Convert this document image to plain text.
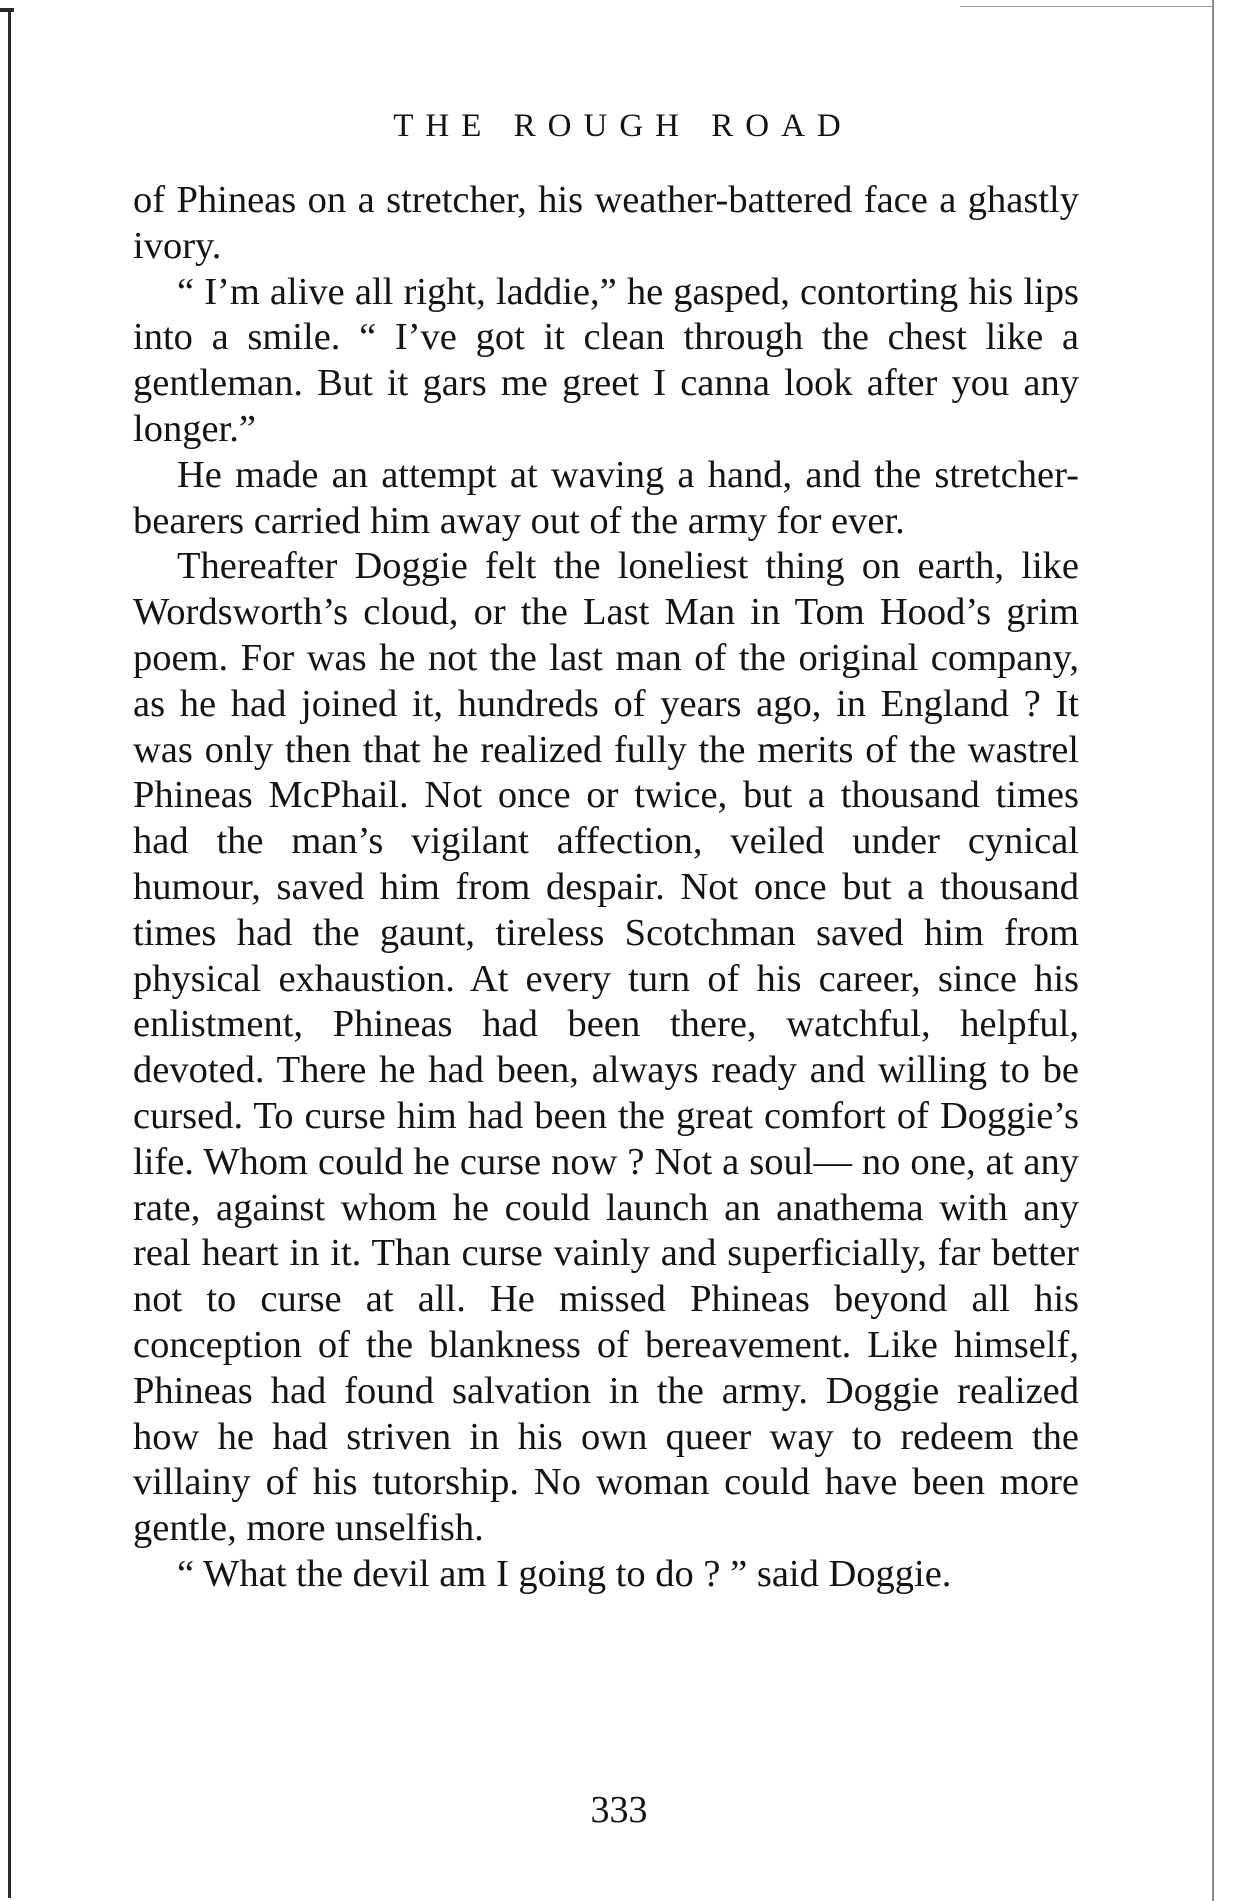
THE ROUGH ROAD

of Phineas on a stretcher, his weather-battered face a ghastly ivory.

“ I’m alive all right, laddie,” he gasped, contorting his lips into a smile. “ I’ve got it clean through the chest like a gentleman. But it gars me greet I canna look after you any longer.”

He made an attempt at waving a hand, and the stretcher-bearers carried him away out of the army for ever.

Thereafter Doggie felt the loneliest thing on earth, like Wordsworth’s cloud, or the Last Man in Tom Hood’s grim poem. For was he not the last man of the original company, as he had joined it, hundreds of years ago, in England ? It was only then that he realized fully the merits of the wastrel Phineas McPhail. Not once or twice, but a thousand times had the man’s vigilant affection, veiled under cynical humour, saved him from despair. Not once but a thousand times had the gaunt, tireless Scotchman saved him from physical exhaustion. At every turn of his career, since his enlistment, Phineas had been there, watchful, helpful, devoted. There he had been, always ready and willing to be cursed. To curse him had been the great comfort of Doggie’s life. Whom could he curse now ? Not a soul— no one, at any rate, against whom he could launch an anathema with any real heart in it. Than curse vainly and superficially, far better not to curse at all. He missed Phineas beyond all his conception of the blankness of bereavement. Like himself, Phineas had found salvation in the army. Doggie realized how he had striven in his own queer way to redeem the villainy of his tutorship. No woman could have been more gentle, more unselfish.

“ What the devil am I going to do ? ” said Doggie.

333
